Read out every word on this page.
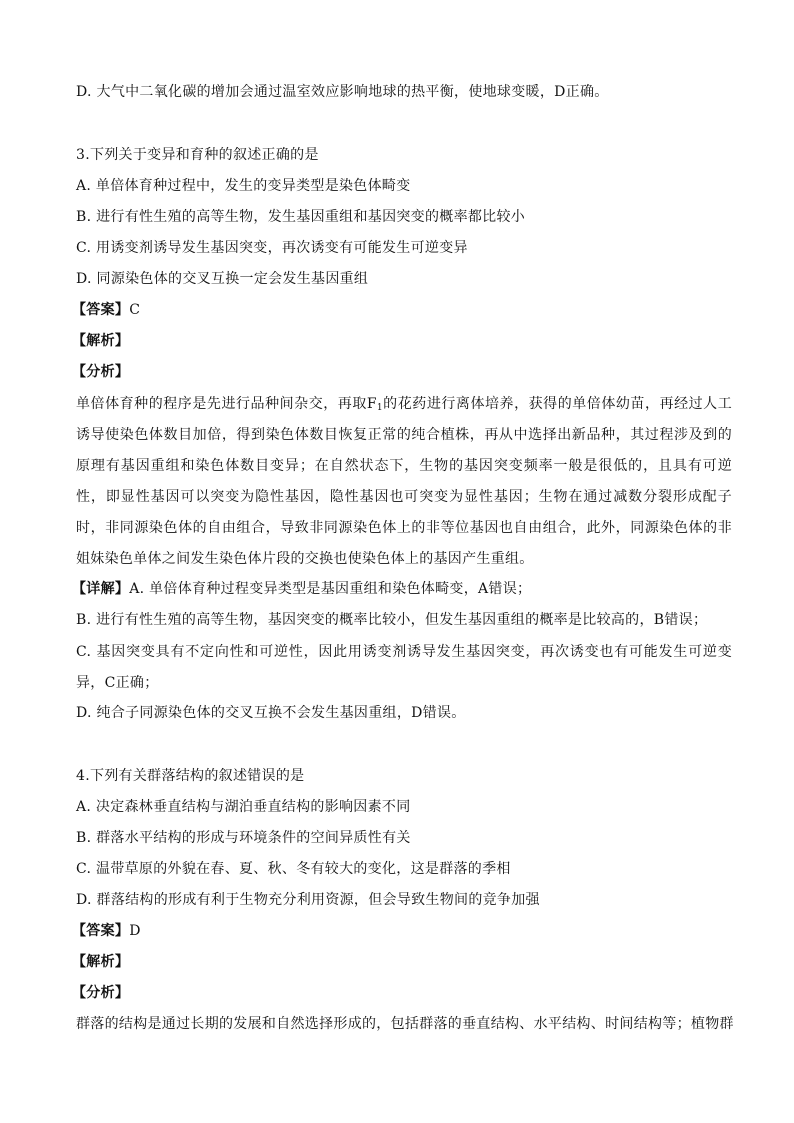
D. 大气中二氧化碳的增加会通过温室效应影响地球的热平衡，使地球变暖，D正确。
3.下列关于变异和育种的叙述正确的是
A. 单倍体育种过程中，发生的变异类型是染色体畸变
B. 进行有性生殖的高等生物，发生基因重组和基因突变的概率都比较小
C. 用诱变剂诱导发生基因突变，再次诱变有可能发生可逆变异
D. 同源染色体的交叉互换一定会发生基因重组
【答案】C
【解析】
【分析】
单倍体育种的程序是先进行品种间杂交，再取$F_1$的花药进行离体培养，获得的单倍体幼苗，再经过人工诱导使染色体数目加倍，得到染色体数目恢复正常的纯合植株，再从中选择出新品种，其过程涉及到的原理有基因重组和染色体数目变异；在自然状态下，生物的基因突变频率一般是很低的，且具有可逆性，即显性基因可以突变为隐性基因，隐性基因也可突变为显性基因；生物在通过减数分裂形成配子时，非同源染色体的自由组合，导致非同源染色体上的非等位基因也自由组合，此外，同源染色体的非姐妹染色单体之间发生染色体片段的交换也使染色体上的基因产生重组。
【详解】A. 单倍体育种过程变异类型是基因重组和染色体畸变，A错误；
B. 进行有性生殖的高等生物，基因突变的概率比较小，但发生基因重组的概率是比较高的，B错误；
C. 基因突变具有不定向性和可逆性，因此用诱变剂诱导发生基因突变，再次诱变也有可能发生可逆变异，C正确；
D. 纯合子同源染色体的交叉互换不会发生基因重组，D错误。
4.下列有关群落结构的叙述错误的是
A. 决定森林垂直结构与湖泊垂直结构的影响因素不同
B. 群落水平结构的形成与环境条件的空间异质性有关
C. 温带草原的外貌在春、夏、秋、冬有较大的变化，这是群落的季相
D. 群落结构的形成有利于生物充分利用资源，但会导致生物间的竞争加强
【答案】D
【解析】
【分析】
群落的结构是通过长期的发展和自然选择形成的，包括群落的垂直结构、水平结构、时间结构等；植物群
